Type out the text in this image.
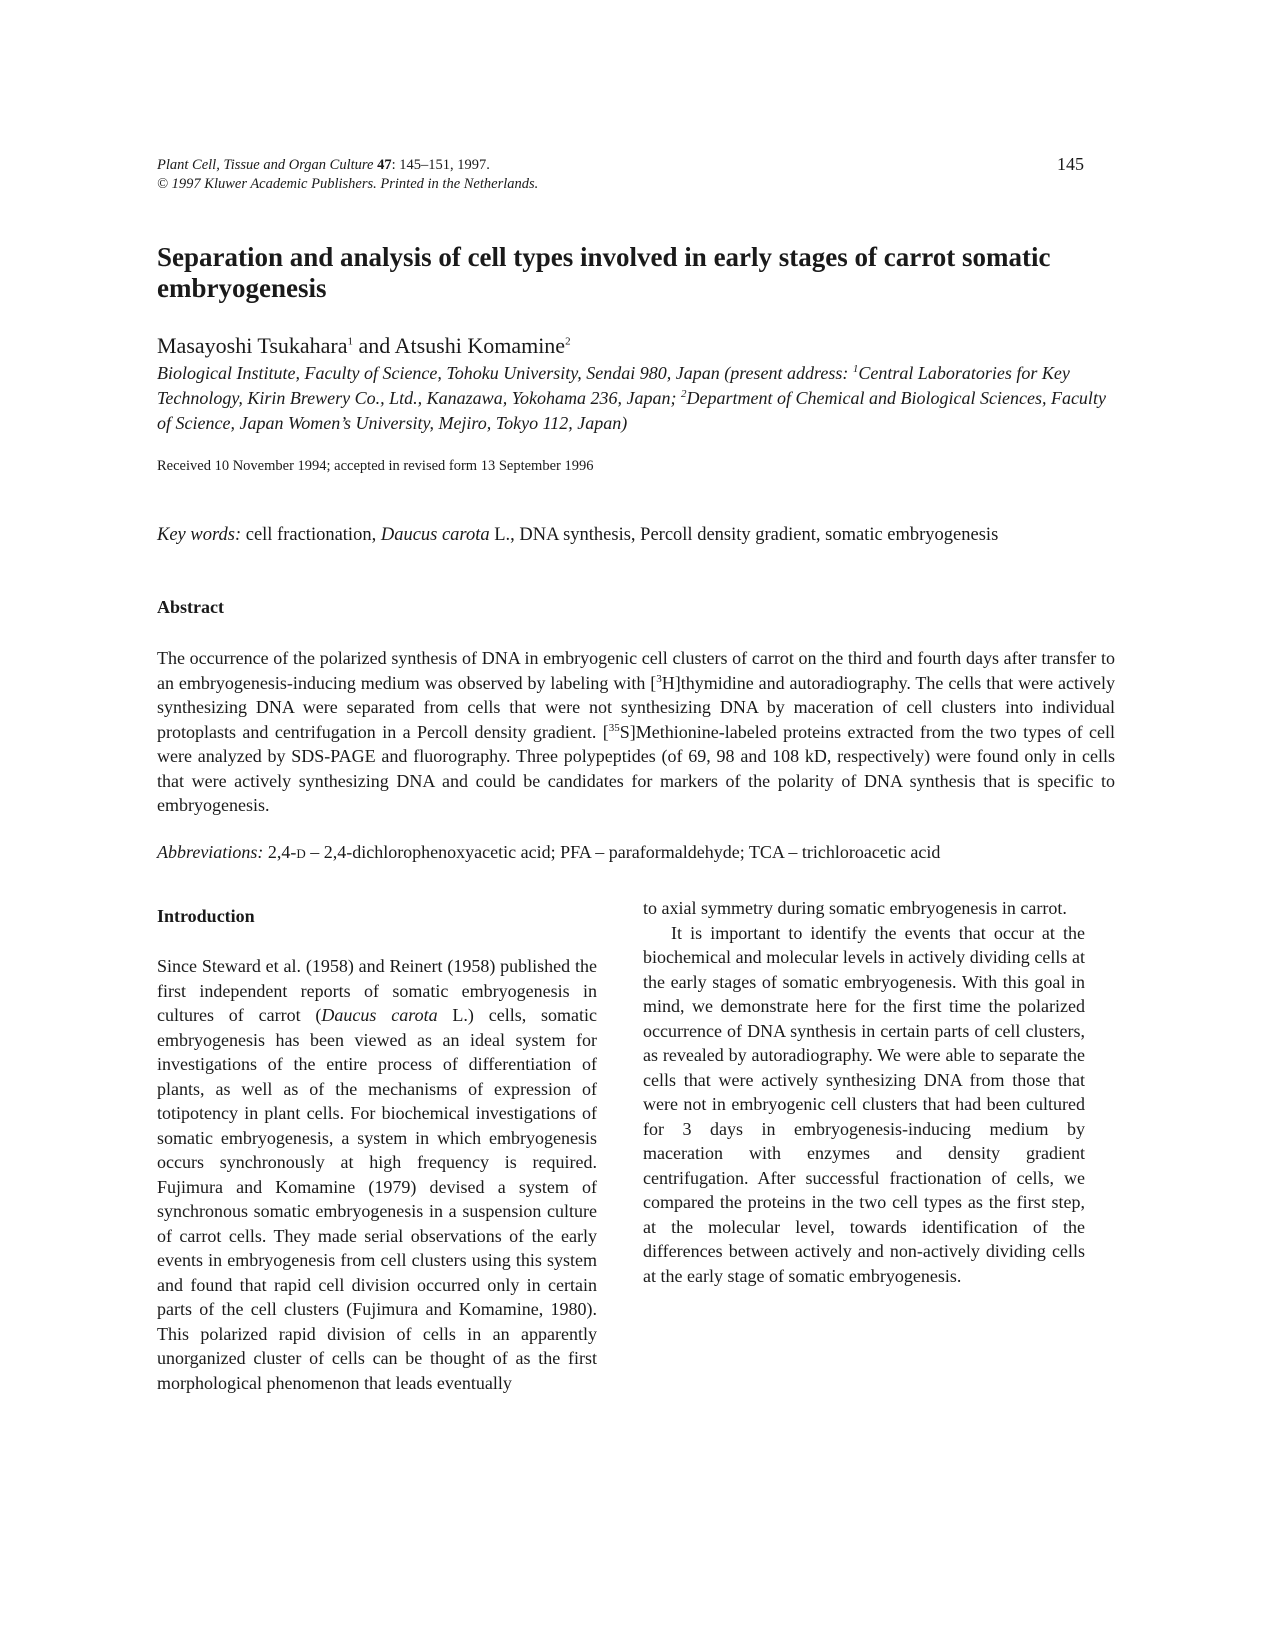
Plant Cell, Tissue and Organ Culture 47: 145–151, 1997.
© 1997 Kluwer Academic Publishers. Printed in the Netherlands.
145
Separation and analysis of cell types involved in early stages of carrot somatic embryogenesis
Masayoshi Tsukahara$^1$ and Atsushi Komamine$^2$
Biological Institute, Faculty of Science, Tohoku University, Sendai 980, Japan (present address: $^1$Central Laboratories for Key Technology, Kirin Brewery Co., Ltd., Kanazawa, Yokohama 236, Japan; $^2$Department of Chemical and Biological Sciences, Faculty of Science, Japan Women’s University, Mejiro, Tokyo 112, Japan)
Received 10 November 1994; accepted in revised form 13 September 1996
Key words: cell fractionation, Daucus carota L., DNA synthesis, Percoll density gradient, somatic embryogenesis
Abstract
The occurrence of the polarized synthesis of DNA in embryogenic cell clusters of carrot on the third and fourth days after transfer to an embryogenesis-inducing medium was observed by labeling with [$^3$H]thymidine and autoradiography. The cells that were actively synthesizing DNA were separated from cells that were not synthesizing DNA by maceration of cell clusters into individual protoplasts and centrifugation in a Percoll density gradient. [$^{35}$S]Methionine-labeled proteins extracted from the two types of cell were analyzed by SDS-PAGE and fluorography. Three polypeptides (of 69, 98 and 108 kD, respectively) were found only in cells that were actively synthesizing DNA and could be candidates for markers of the polarity of DNA synthesis that is specific to embryogenesis.
Abbreviations: 2,4-d – 2,4-dichlorophenoxyacetic acid; PFA – paraformaldehyde; TCA – trichloroacetic acid
Introduction
Since Steward et al. (1958) and Reinert (1958) published the first independent reports of somatic embryogenesis in cultures of carrot (Daucus carota L.) cells, somatic embryogenesis has been viewed as an ideal system for investigations of the entire process of differentiation of plants, as well as of the mechanisms of expression of totipotency in plant cells. For biochemical investigations of somatic embryogenesis, a system in which embryogenesis occurs synchronously at high frequency is required. Fujimura and Komamine (1979) devised a system of synchronous somatic embryogenesis in a suspension culture of carrot cells. They made serial observations of the early events in embryogenesis from cell clusters using this system and found that rapid cell division occurred only in certain parts of the cell clusters (Fujimura and Komamine, 1980). This polarized rapid division of cells in an apparently unorganized cluster of cells can be thought of as the first morphological phenomenon that leads eventually

to axial symmetry during somatic embryogenesis in carrot.

It is important to identify the events that occur at the biochemical and molecular levels in actively dividing cells at the early stages of somatic embryogenesis. With this goal in mind, we demonstrate here for the first time the polarized occurrence of DNA synthesis in certain parts of cell clusters, as revealed by autoradiography. We were able to separate the cells that were actively synthesizing DNA from those that were not in embryogenic cell clusters that had been cultured for 3 days in embryogenesis-inducing medium by maceration with enzymes and density gradient centrifugation. After successful fractionation of cells, we compared the proteins in the two cell types as the first step, at the molecular level, towards identification of the differences between actively and non-actively dividing cells at the early stage of somatic embryogenesis.
